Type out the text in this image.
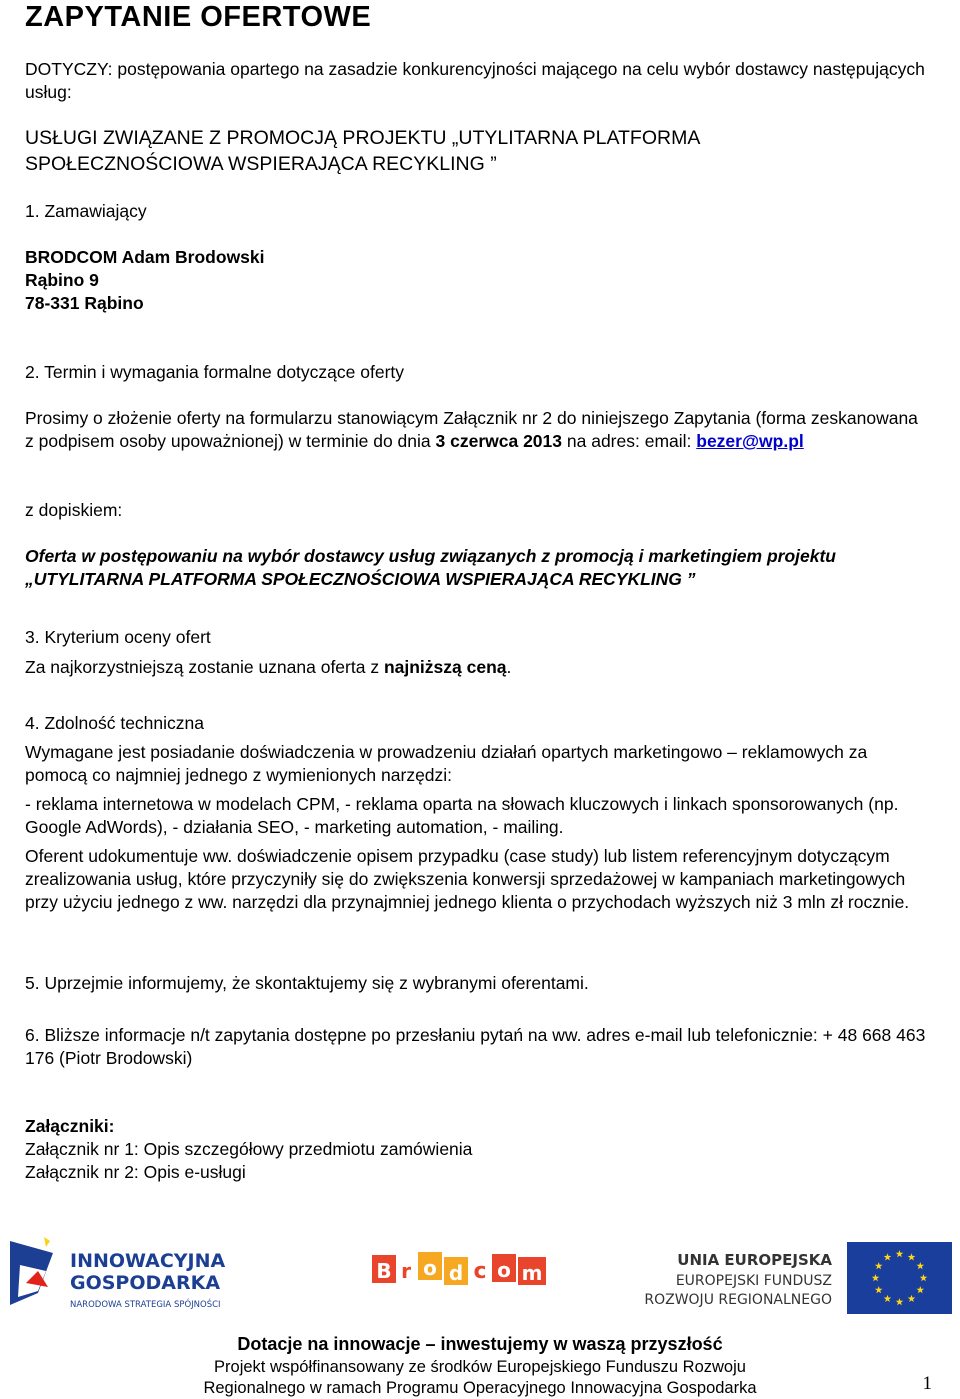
ZAPYTANIE OFERTOWE

DOTYCZY: postępowania opartego na zasadzie konkurencyjności mającego na celu wybór dostawcy następujących usług:

USŁUGI ZWIĄZANE Z PROMOCJĄ PROJEKTU „UTYLITARNA PLATFORMA

SPOŁECZNOŚCIOWA WSPIERAJĄCA RECYKLING ”

1. Zamawiający

BRODCOM Adam Brodowski

Rąbino 9

78-331 Rąbino

2. Termin i wymagania formalne dotyczące oferty

Prosimy o złożenie oferty na formularzu stanowiącym Załącznik nr 2 do niniejszego Zapytania (forma zeskanowana z podpisem osoby upoważnionej) w terminie do dnia 3 czerwca 2013 na adres: email: bezer@wp.pl

z dopiskiem:

Oferta w postępowaniu na wybór dostawcy usług związanych z promocją i marketingiem projektu „UTYLITARNA PLATFORMA SPOŁECZNOŚCIOWA WSPIERAJĄCA RECYKLING ”

3. Kryterium oceny ofert

Za najkorzystniejszą zostanie uznana oferta z najniższą ceną.

4. Zdolność techniczna

Wymagane jest posiadanie doświadczenia w prowadzeniu działań opartych marketingowo – reklamowych za pomocą co najmniej jednego z wymienionych narzędzi:

- reklama internetowa w modelach CPM, - reklama oparta na słowach kluczowych i linkach sponsorowanych (np. Google AdWords), - działania SEO, - marketing automation, - mailing.

Oferent udokumentuje ww. doświadczenie opisem przypadku (case study) lub listem referencyjnym dotyczącym zrealizowania usług, które przyczyniły się do zwiększenia konwersji sprzedażowej w kampaniach marketingowych przy użyciu jednego z ww. narzędzi dla przynajmniej jednego klienta o przychodach wyższych niż 3 mln zł rocznie.

5. Uprzejmie informujemy, że skontaktujemy się z wybranymi oferentami.

6. Bliższe informacje n/t zapytania dostępne po przesłaniu pytań na ww. adres e-mail lub telefonicznie: + 48 668 463 176 (Piotr Brodowski)

Załączniki:

Załącznik nr 1: Opis szczegółowy przedmiotu zamówienia

Załącznik nr 2: Opis e-usługi

INNOWACYJNA
GOSPODARKA
NARODOWA STRATEGIA SPÓJNOŚCI
B r o d c o m
UNIA EUROPEJSKA
EUROPEJSKI FUNDUSZ
ROZWOJU REGIONALNEGO
Dotacje na innowacje – inwestujemy w waszą przyszłość
Projekt współfinansowany ze środków Europejskiego Funduszu Rozwoju
Regionalnego w ramach Programu Operacyjnego Innowacyjna Gospodarka	1
